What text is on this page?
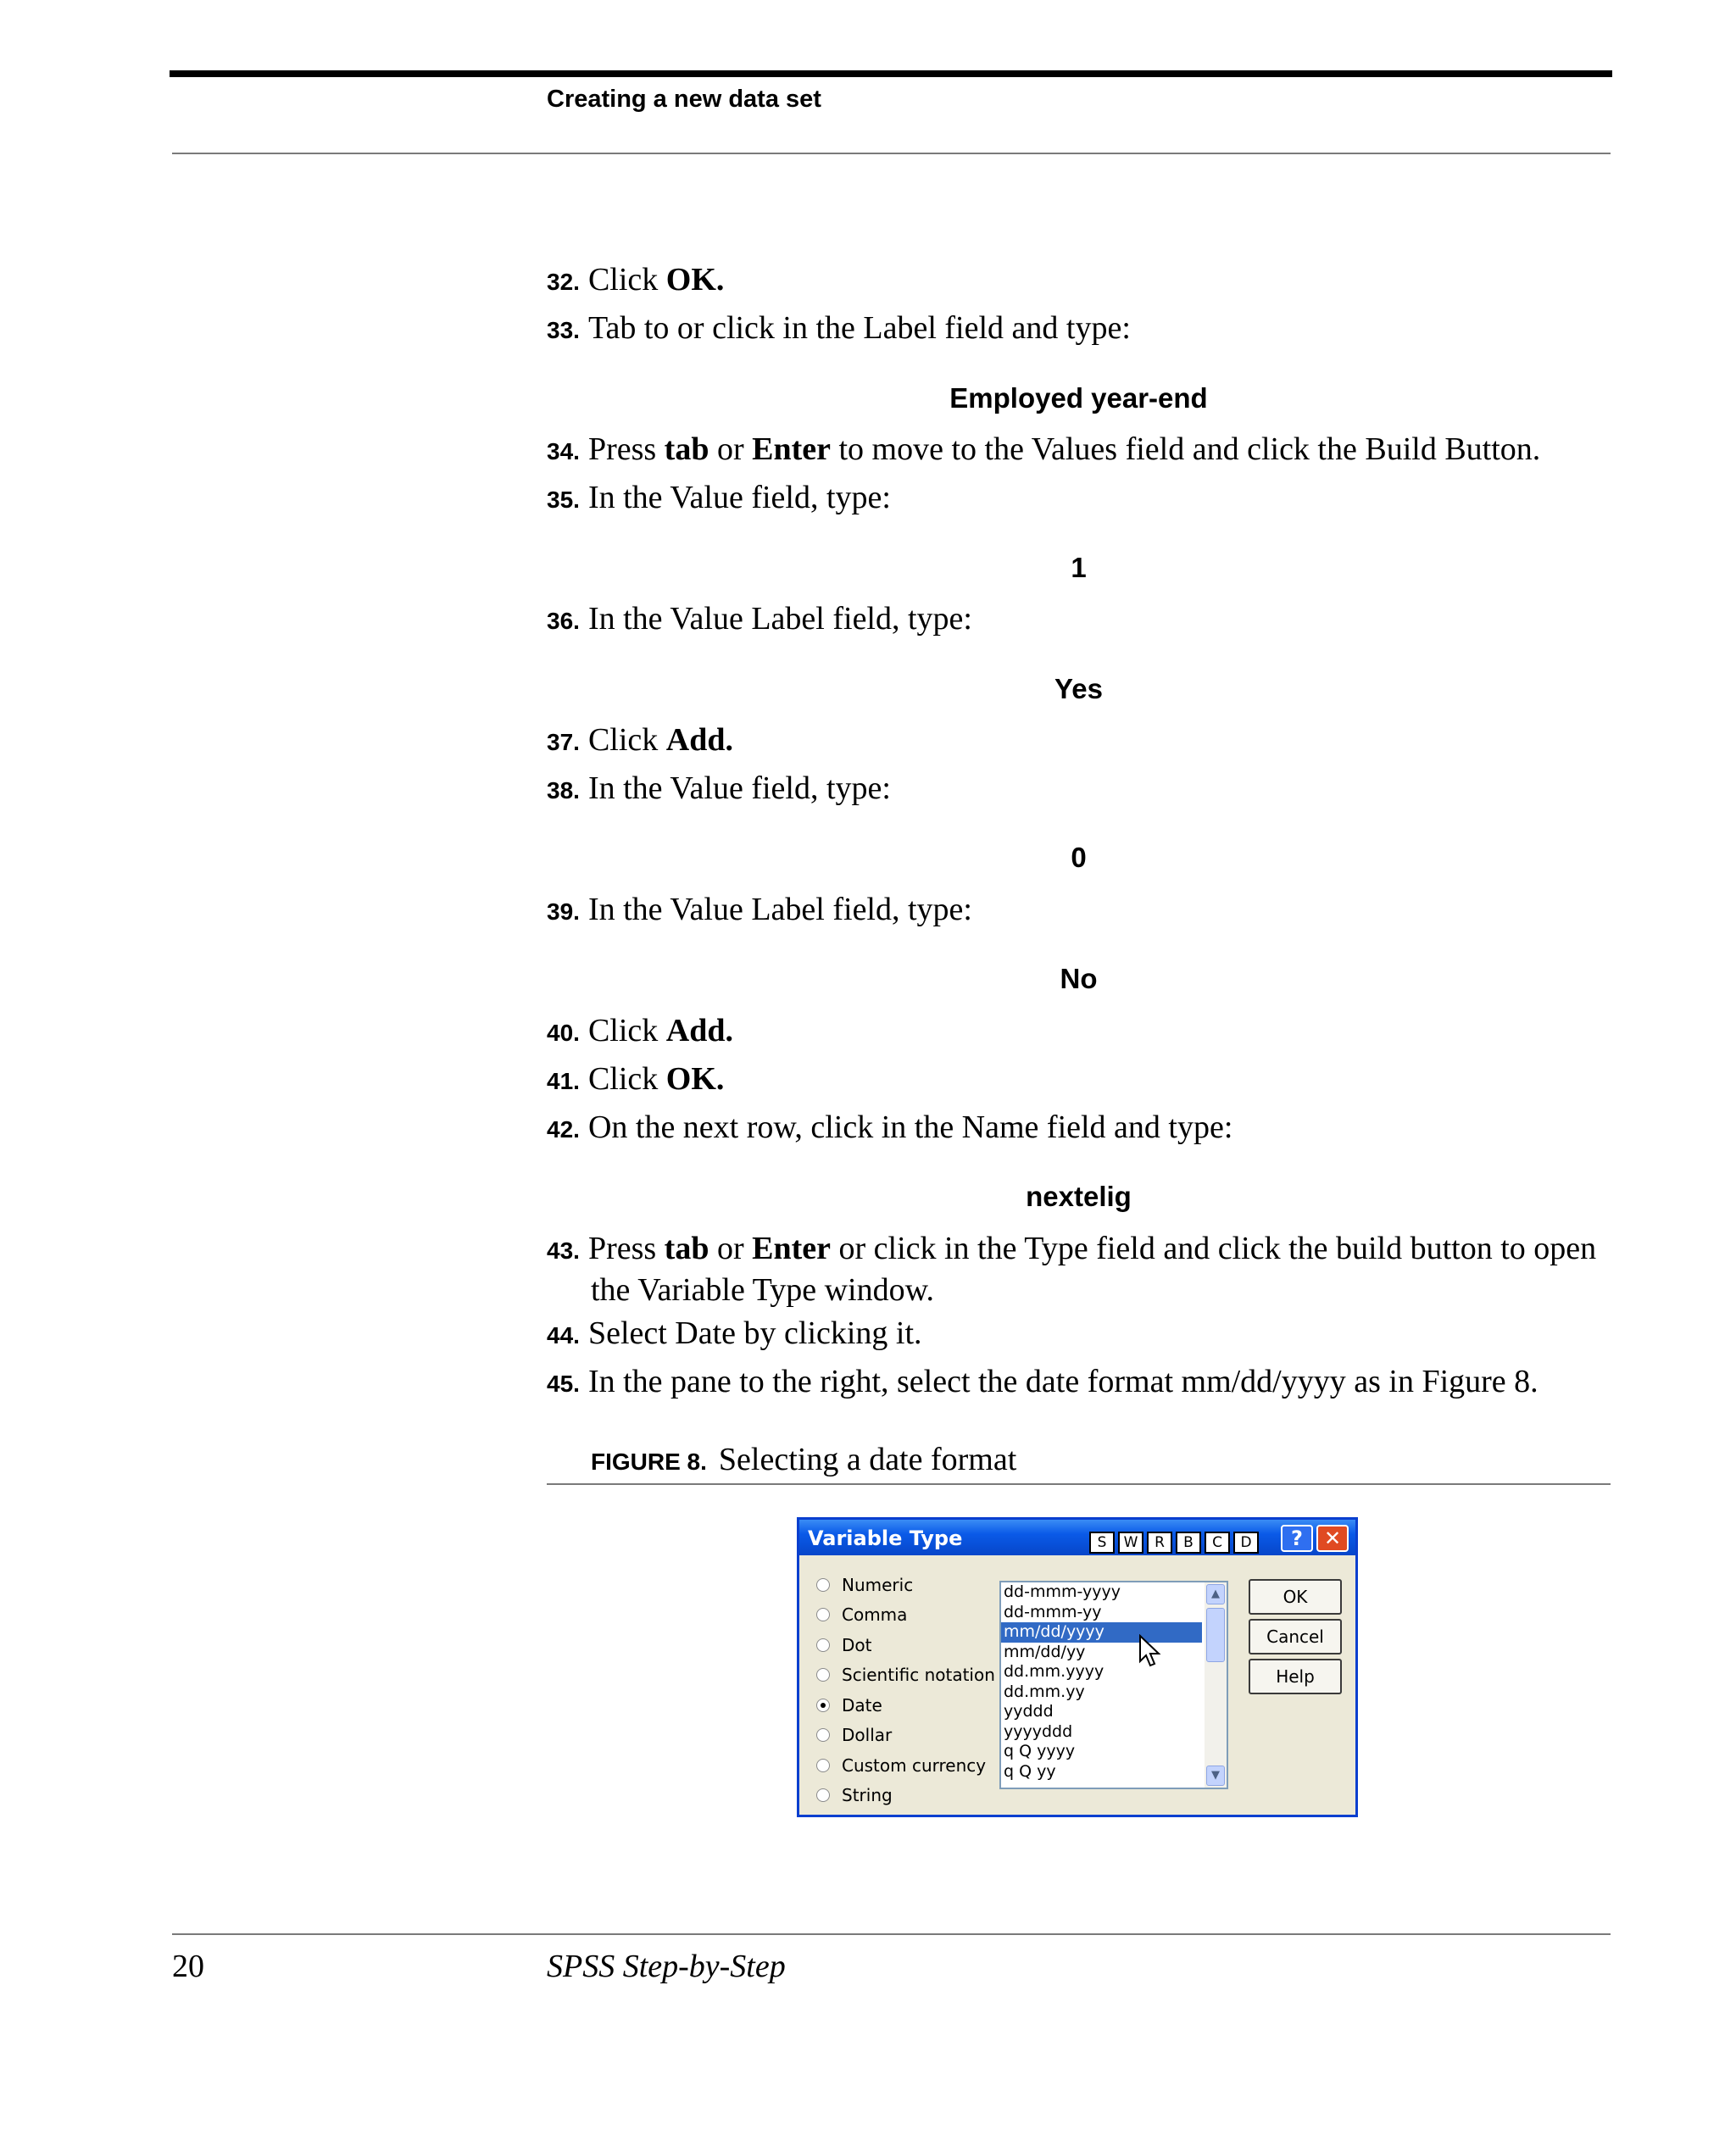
Creating a new data set
32. Click OK.
33. Tab to or click in the Label field and type:
Employed year-end
34. Press tab or Enter to move to the Values field and click the Build Button.
35. In the Value field, type:
1
36. In the Value Label field, type:
Yes
37. Click Add.
38. In the Value field, type:
0
39. In the Value Label field, type:
No
40. Click Add.
41. Click OK.
42. On the next row, click in the Name field and type:
nextelig
43. Press tab or Enter or click in the Type field and click the build button to open
the Variable Type window.
44. Select Date by clicking it.
45. In the pane to the right, select the date format mm/dd/yyyy as in Figure 8.
FIGURE 8. Selecting a date format
Variable Type	S	W	R	B	C	D	?	✕
Numeric
Comma
Dot
Scientific notation
Date
Dollar
Custom currency
String
dd-mmm-yyyy
dd-mmm-yy
mm/dd/yyyy
mm/dd/yy
dd.mm.yyyy
dd.mm.yy
yyddd
yyyyddd
q Q yyyy
q Q yy
▲
▼
OK
Cancel
Help
20	SPSS Step-by-Step
